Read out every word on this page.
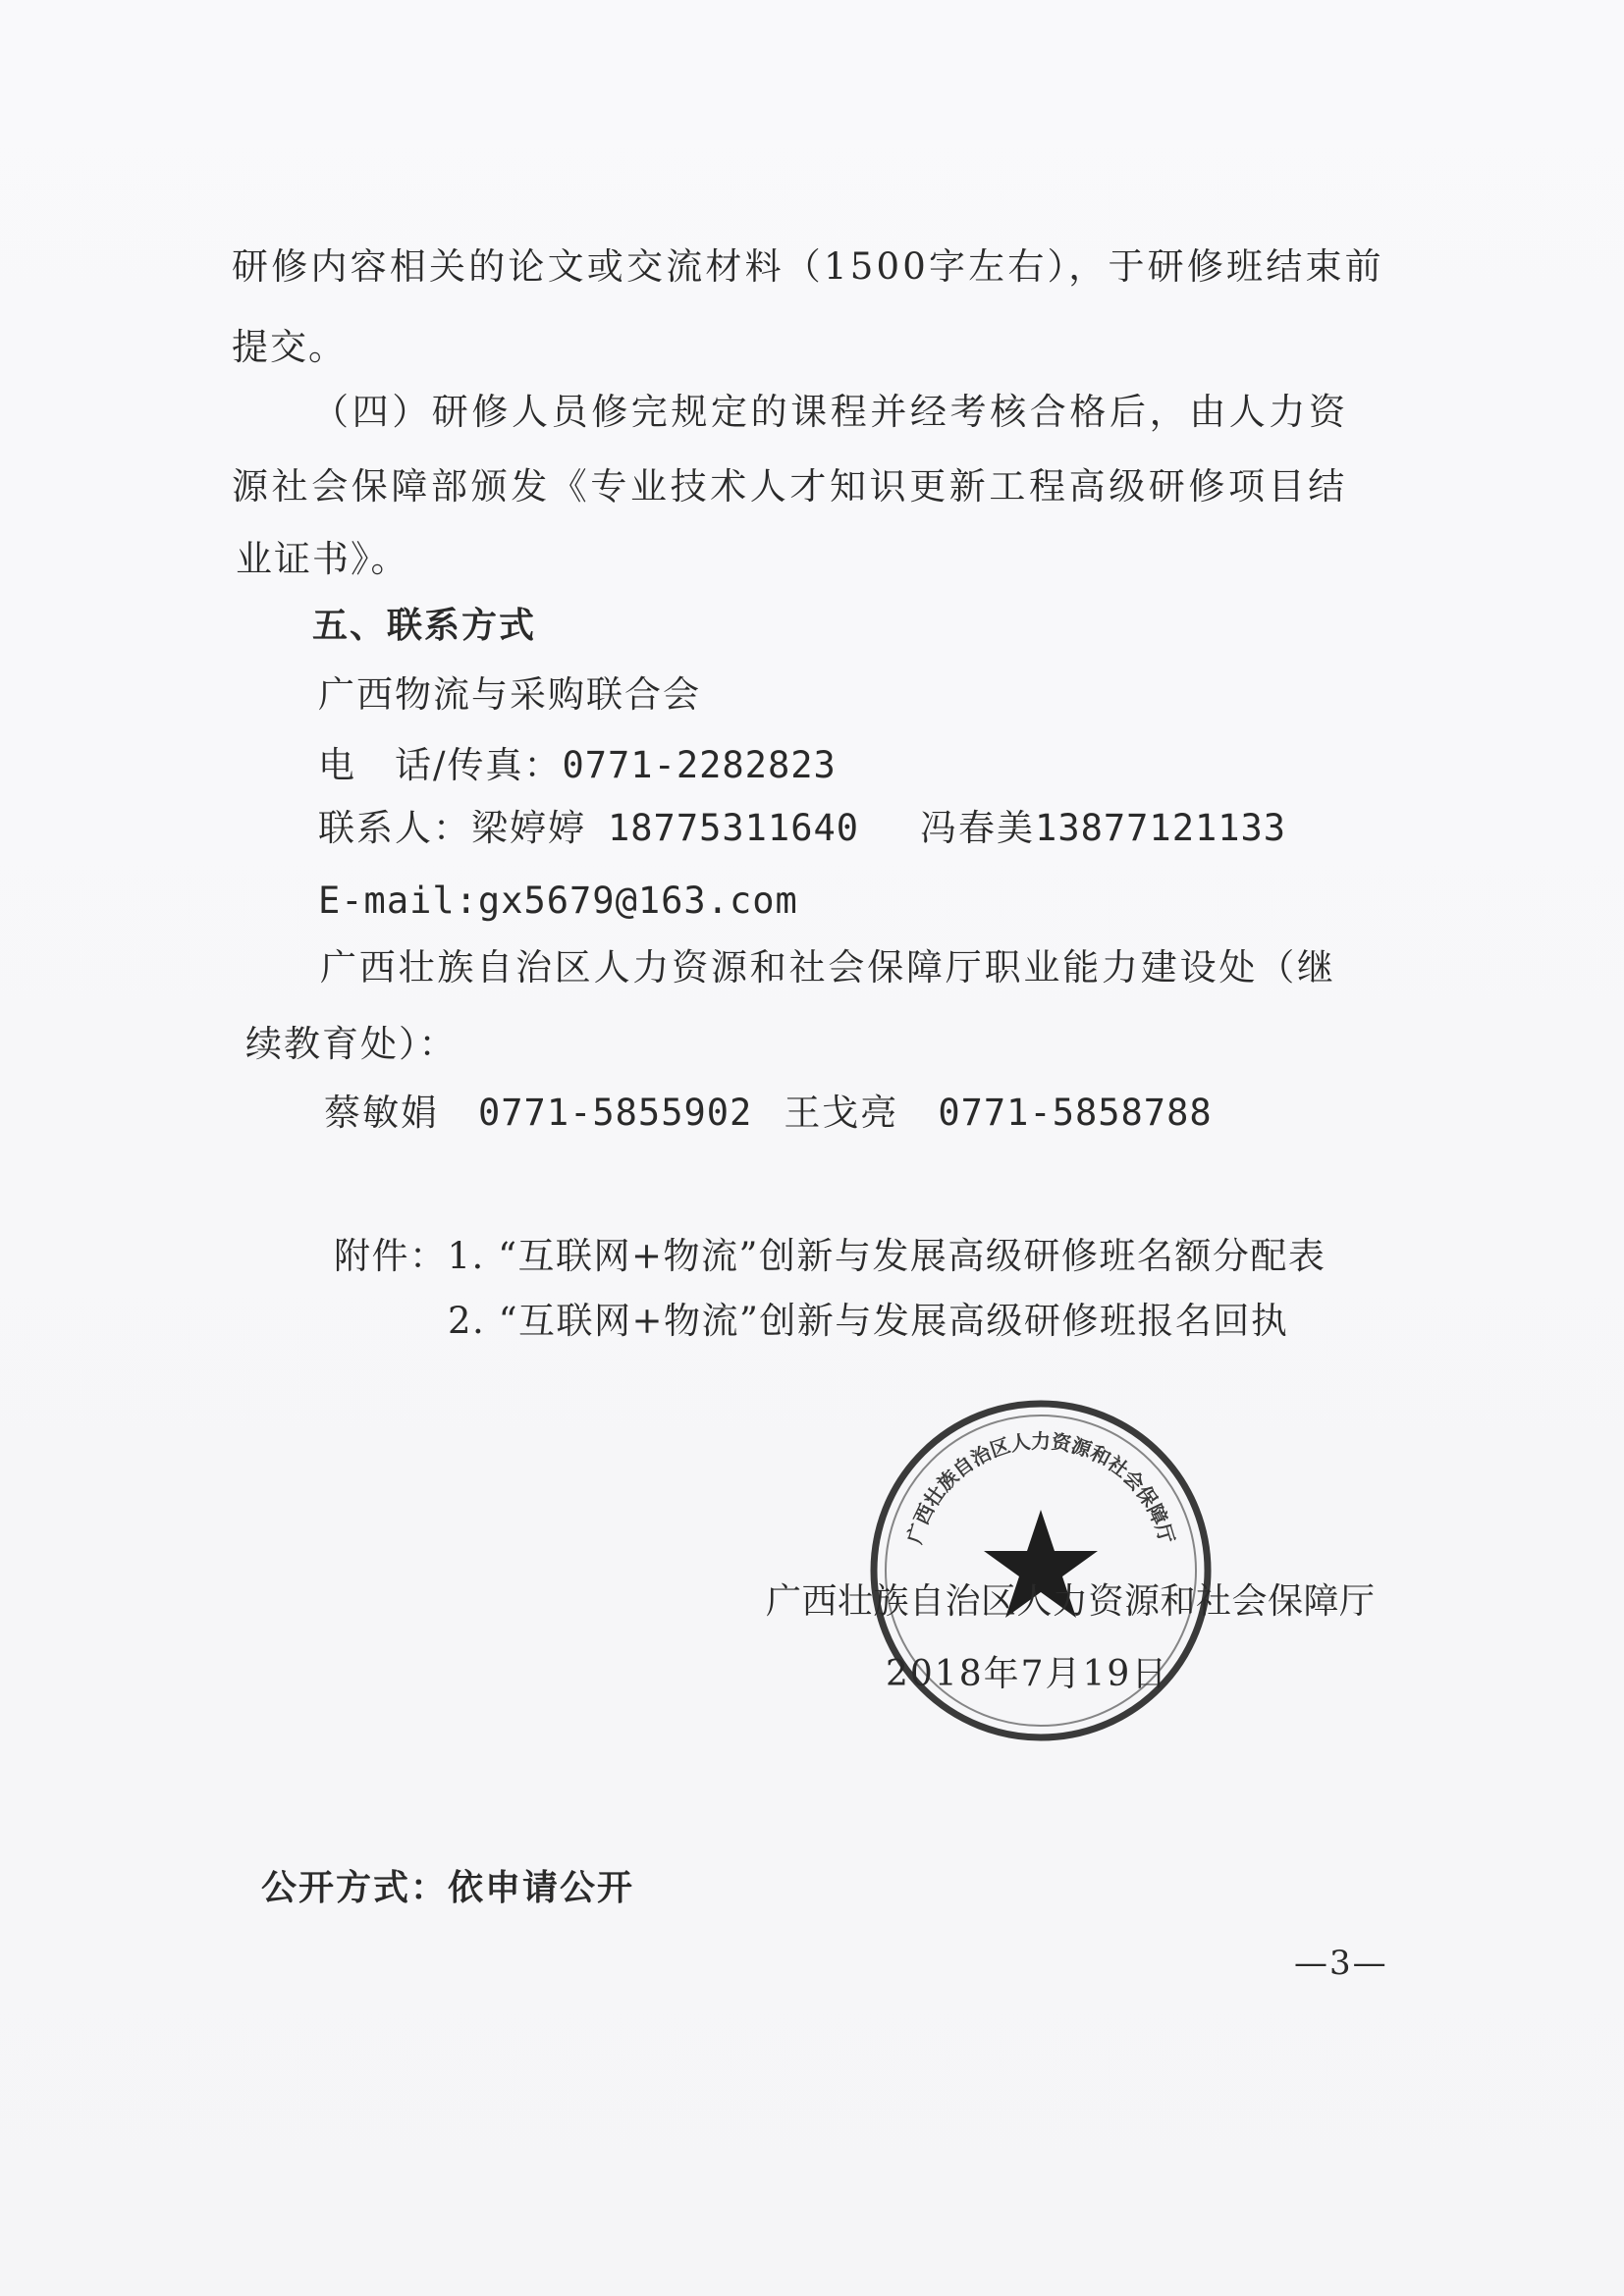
研修内容相关的论文或交流材料（1500字左右），于研修班结束前
提交。
（四）研修人员修完规定的课程并经考核合格后，由人力资
源社会保障部颁发《专业技术人才知识更新工程高级研修项目结
业证书》。
五、联系方式
广西物流与采购联合会
电　话/传真：0771-2282823
联系人：梁婷婷 18775311640 冯春美13877121133
E-mail:gx5679@163.com
广西壮族自治区人力资源和社会保障厅职业能力建设处（继
续教育处）：
蔡敏娟 0771-5855902 王戈亮 0771-5858788
附件：1. “互联网+物流”创新与发展高级研修班名额分配表
2. “互联网+物流”创新与发展高级研修班报名回执
广西壮族自治区人力资源和社会保障厅
广西壮族自治区人力资源和社会保障厅
2018年7月19日
公开方式：依申请公开
—3—
